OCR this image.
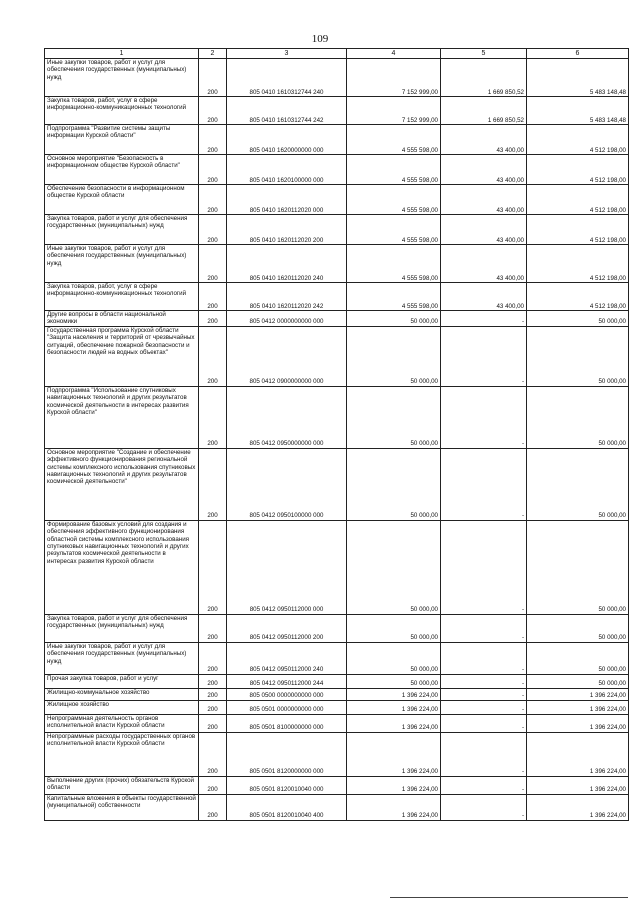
109
1	2	3	4	5	6
Иные закупки товаров, работ и услуг для обеспечения государственных (муниципальных) нужд	200	805 0410 1610312744 240	7 152 999,00	1 669 850,52	5 483 148,48
Закупка товаров, работ, услуг в сфере информационно-коммуникационных технологий	200	805 0410 1610312744 242	7 152 999,00	1 669 850,52	5 483 148,48
Подпрограмма "Развитие системы защиты информации Курской области"	200	805 0410 1620000000 000	4 555 598,00	43 400,00	4 512 198,00
Основное мероприятие "Безопасность в информационном обществе Курской области"	200	805 0410 1620100000 000	4 555 598,00	43 400,00	4 512 198,00
Обеспечение безопасности в информационном обществе Курской области	200	805 0410 1620112020 000	4 555 598,00	43 400,00	4 512 198,00
Закупка товаров, работ и услуг для обеспечения государственных (муниципальных) нужд	200	805 0410 1620112020 200	4 555 598,00	43 400,00	4 512 198,00
Иные закупки товаров, работ и услуг для обеспечения государственных (муниципальных) нужд	200	805 0410 1620112020 240	4 555 598,00	43 400,00	4 512 198,00
Закупка товаров, работ, услуг в сфере информационно-коммуникационных технологий	200	805 0410 1620112020 242	4 555 598,00	43 400,00	4 512 198,00
Другие вопросы в области национальной экономики	200	805 0412 0000000000 000	50 000,00	-	50 000,00
Государственная программа Курской области "Защита населения и территорий от чрезвычайных ситуаций, обеспечение пожарной безопасности и безопасности людей на водных объектах"	200	805 0412 0900000000 000	50 000,00	-	50 000,00
Подпрограмма "Использование спутниковых навигационных технологий и других результатов космической деятельности в интересах развития Курской области"	200	805 0412 0950000000 000	50 000,00	-	50 000,00
Основное мероприятие "Создание и обеспечение эффективного функционирования региональной системы комплексного использования спутниковых навигационных технологий и других результатов космической деятельности"	200	805 0412 0950100000 000	50 000,00	-	50 000,00
Формирование базовых условий для создания и обеспечения эффективного функционирования областной системы комплексного использования спутниковых навигационных технологий и других результатов космической деятельности в интересах развития Курской области	200	805 0412 0950112000 000	50 000,00	-	50 000,00
Закупка товаров, работ и услуг для обеспечения государственных (муниципальных) нужд	200	805 0412 0950112000 200	50 000,00	-	50 000,00
Иные закупки товаров, работ и услуг для обеспечения государственных (муниципальных) нужд	200	805 0412 0950112000 240	50 000,00	-	50 000,00
Прочая закупка товаров, работ и услуг	200	805 0412 0950112000 244	50 000,00	-	50 000,00
Жилищно-коммунальное хозяйство	200	805 0500 0000000000 000	1 396 224,00	-	1 396 224,00
Жилищное хозяйство	200	805 0501 0000000000 000	1 396 224,00	-	1 396 224,00
Непрограммная деятельность органов исполнительной власти Курской области	200	805 0501 8100000000 000	1 396 224,00	-	1 396 224,00
Непрограммные расходы государственных органов исполнительной власти Курской области	200	805 0501 8120000000 000	1 396 224,00	-	1 396 224,00
Выполнение других (прочих) обязательств Курской области	200	805 0501 8120010040 000	1 396 224,00	-	1 396 224,00
Капитальные вложения в объекты государственной (муниципальной) собственности	200	805 0501 8120010040 400	1 396 224,00	-	1 396 224,00
